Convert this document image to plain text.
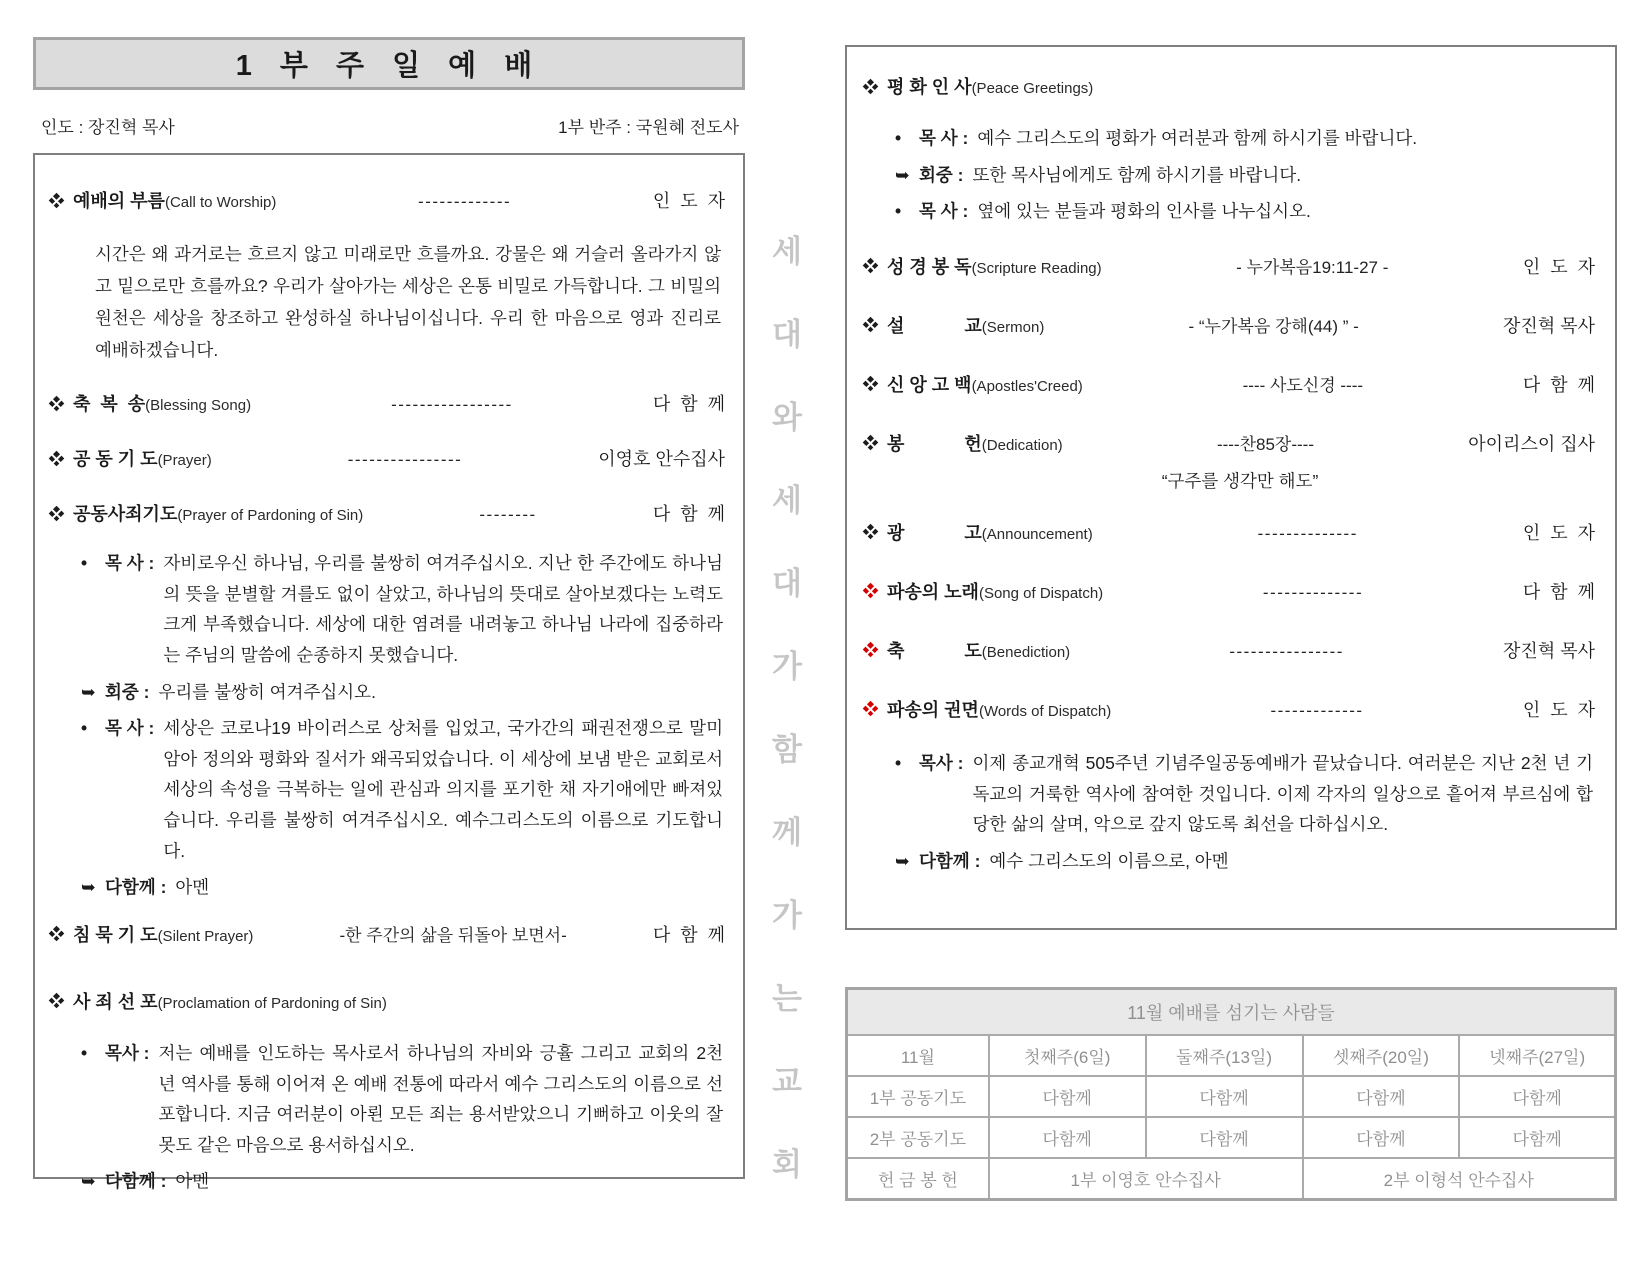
1 부 주 일 예 배
인도 : 장진혁 목사	1부 반주 : 국원혜 전도사
예배의 부름 (Call to Worship)	-------------	인  도  자
시간은 왜 과거로는 흐르지 않고 미래로만 흐를까요. 강물은 왜 거슬러 올라가지 않고 밑으로만 흐를까요? 우리가 살아가는 세상은 온통 비밀로 가득합니다. 그 비밀의 원천은 세상을 창조하고 완성하실 하나님이십니다. 우리 한 마음으로 영과 진리로 예배하겠습니다.
축  복  송 (Blessing Song)	-----------------	다  함  께
공 동 기 도 (Prayer)	----------------	이영호 안수집사
공동사죄기도 (Prayer of Pardoning of Sin)	--------	다  함  께
•	목 사 : 자비로우신 하나님, 우리를 불쌍히 여겨주십시오. 지난 한 주간에도 하나님의 뜻을 분별할 겨를도 없이 살았고, 하나님의 뜻대로 살아보겠다는 노력도 크게 부족했습니다. 세상에 대한 염려를 내려놓고 하나님 나라에 집중하라는 주님의 말씀에 순종하지 못했습니다.
➥ 회중 : 우리를 불쌍히 여겨주십시오.
•	목 사 : 세상은 코로나19 바이러스로 상처를 입었고, 국가간의 패권전쟁으로 말미암아 정의와 평화와 질서가 왜곡되었습니다. 이 세상에 보냄 받은 교회로서 세상의 속성을 극복하는 일에 관심과 의지를 포기한 채 자기애에만 빠져있습니다. 우리를 불쌍히 여겨주십시오. 예수그리스도의 이름으로 기도합니다.
➥ 다함께 : 아멘
침 묵 기 도 (Silent Prayer)	-한 주간의 삶을 뒤돌아 보면서-	다  함  께
사 죄 선 포 (Proclamation of Pardoning of Sin)
•	목사 : 저는 예배를 인도하는 목사로서 하나님의 자비와 긍휼 그리고 교회의 2천 년 역사를 통해 이어져 온 예배 전통에 따라서 예수 그리스도의 이름으로 선포합니다. 지금 여러분이 아뢴 모든 죄는 용서받았으니 기뻐하고 이웃의 잘못도 같은 마음으로 용서하십시오.
➥ 다함께 : 아멘
세
대
와
세
대
가
함
께
가
는
교
회
평 화 인 사 (Peace Greetings)
•	목 사 : 예수 그리스도의 평화가 여러분과 함께 하시기를 바랍니다.
➥ 회중 : 또한 목사님에게도 함께 하시기를 바랍니다.
•	목 사 : 옆에 있는 분들과 평화의 인사를 나누십시오.
성 경 봉 독 (Scripture Reading)	- 누가복음19:11-27 -	인  도  자
설            교 (Sermon)	- “누가복음 강해(44) ” -	장진혁 목사
신 앙 고 백 (Apostles'Creed)	---- 사도신경 ----	다  함  께
봉            헌 (Dedication)	----찬85장----	아이리스이 집사
“구주를 생각만 해도”
광            고 (Announcement)	--------------	인  도  자
파송의 노래 (Song of Dispatch)	--------------	다  함  께
축            도 (Benediction)	----------------	장진혁 목사
파송의 권면 (Words of Dispatch)	-------------	인  도  자
•	목사 : 이제 종교개혁 505주년 기념주일공동예배가 끝났습니다. 여러분은 지난 2천 년 기독교의 거룩한 역사에 참여한 것입니다. 이제 각자의 일상으로 흩어져 부르심에 합당한 삶의 살며, 악으로 갚지 않도록 최선을 다하십시오.
➥ 다함께 : 예수 그리스도의 이름으로, 아멘
11월 예배를 섬기는 사람들				
11월	첫째주(6일)	둘째주(13일)	셋째주(20일)	넷째주(27일)
1부 공동기도	다함께	다함께	다함께	다함께
2부 공동기도	다함께	다함께	다함께	다함께
헌 금 봉 헌	1부 이영호 안수집사		2부 이형석 안수집사	
